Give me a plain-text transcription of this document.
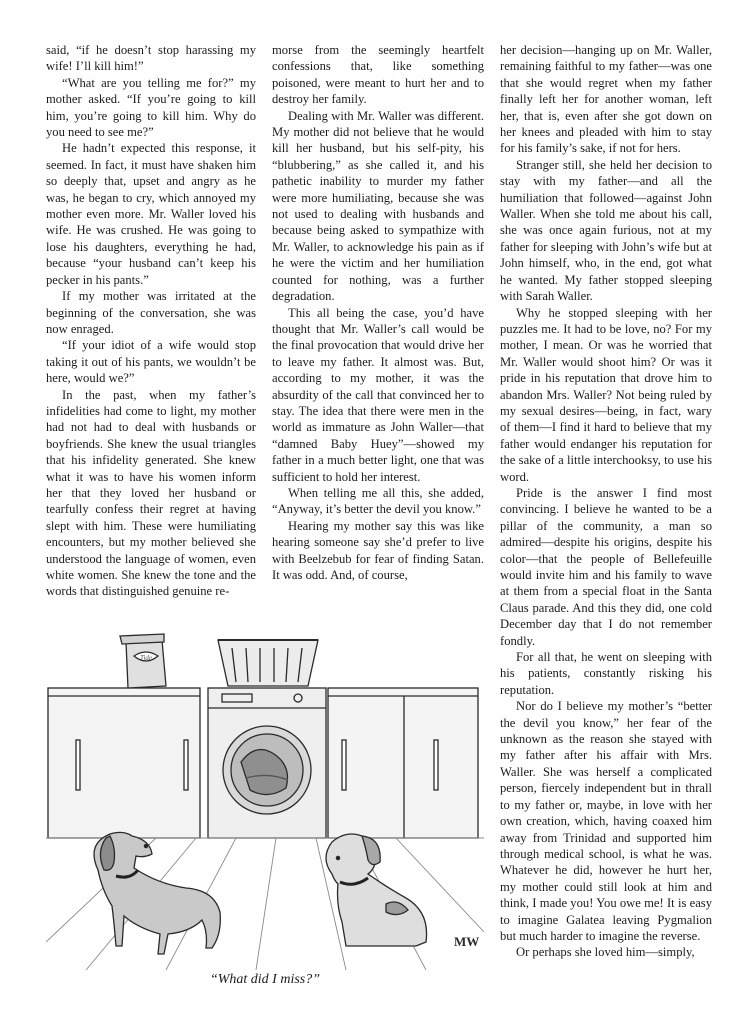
said, “if he doesn’t stop harassing my wife! I’ll kill him!”

“What are you telling me for?” my mother asked. “If you’re going to kill him, you’re going to kill him. Why do you need to see me?”

He hadn’t expected this response, it seemed. In fact, it must have shaken him so deeply that, upset and angry as he was, he began to cry, which annoyed my mother even more. Mr. Waller loved his wife. He was crushed. He was going to lose his daughters, everything he had, because “your husband can’t keep his pecker in his pants.”

If my mother was irritated at the beginning of the conversation, she was now enraged.

“If your idiot of a wife would stop taking it out of his pants, we wouldn’t be here, would we?”

In the past, when my father’s infidelities had come to light, my mother had not had to deal with husbands or boyfriends. She knew the usual triangles that his infidelity generated. She knew what it was to have his women inform her that they loved her husband or tearfully confess their regret at having slept with him. These were humiliating encounters, but my mother believed she understood the language of women, even white women. She knew the tone and the words that distinguished genuine re-

morse from the seemingly heartfelt confessions that, like something poisoned, were meant to hurt her and to destroy her family.

Dealing with Mr. Waller was different. My mother did not believe that he would kill her husband, but his self-pity, his “blubbering,” as she called it, and his pathetic inability to murder my father were more humiliating, because she was not used to dealing with husbands and because being asked to sympathize with Mr. Waller, to acknowledge his pain as if he were the victim and her humiliation counted for nothing, was a further degradation.

This all being the case, you’d have thought that Mr. Waller’s call would be the final provocation that would drive her to leave my father. It almost was. But, according to my mother, it was the absurdity of the call that convinced her to stay. The idea that there were men in the world as immature as John Waller—that “damned Baby Huey”—showed my father in a much better light, one that was sufficient to hold her interest.

When telling me all this, she added, “Anyway, it’s better the devil you know.”

Hearing my mother say this was like hearing someone say she’d prefer to live with Beelzebub for fear of finding Satan. It was odd. And, of course,

her decision—hanging up on Mr. Waller, remaining faithful to my father—was one that she would regret when my father finally left her for another woman, left her, that is, even after she got down on her knees and pleaded with him to stay for his family’s sake, if not for hers.

Stranger still, she held her decision to stay with my father—and all the humiliation that followed—against John Waller. When she told me about his call, she was once again furious, not at my father for sleeping with John’s wife but at John himself, who, in the end, got what he wanted. My father stopped sleeping with Sarah Waller.

Why he stopped sleeping with her puzzles me. It had to be love, no? For my mother, I mean. Or was he worried that Mr. Waller would shoot him? Or was it pride in his reputation that drove him to abandon Mrs. Waller? Not being ruled by my sexual desires—being, in fact, wary of them—I find it hard to believe that my father would endanger his reputation for the sake of a little interchooksy, to use his word.

Pride is the answer I find most convincing. I believe he wanted to be a pillar of the community, a man so admired—despite his origins, despite his color—that the people of Bellefeuille would invite him and his family to wave at them from a special float in the Santa Claus parade. And this they did, one cold December day that I do not remember fondly.

For all that, he went on sleeping with his patients, constantly risking his reputation.

Nor do I believe my mother’s “better the devil you know,” her fear of the unknown as the reason she stayed with my father after his affair with Mrs. Waller. She was herself a complicated person, fiercely independent but in thrall to my father or, maybe, in love with her own creation, which, having coaxed him away from Trinidad and supported him through medical school, is what he was. Whatever he did, however he hurt her, my mother could still look at him and think, I made you! You owe me! It is easy to imagine Galatea leaving Pygmalion but much harder to imagine the reverse.

Or perhaps she loved him—simply,

Tide
MW
“What did I miss?”
